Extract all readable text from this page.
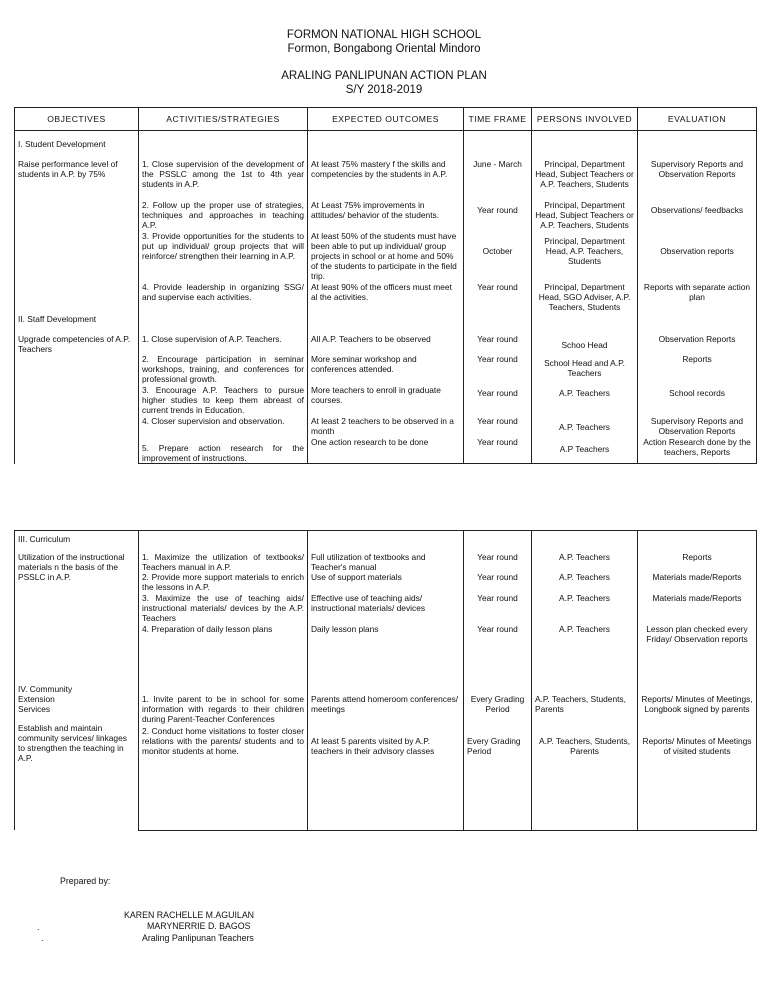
FORMON NATIONAL HIGH SCHOOL
Formon, Bongabong Oriental Mindoro
ARALING PANLIPUNAN ACTION PLAN
S/Y 2018-2019
OBJECTIVES	ACTIVITIES/STRATEGIES	EXPECTED OUTCOMES	TIME FRAME	PERSONS INVOLVED	EVALUATION
I. Student Development					
Raise performance level of students in A.P. by 75%	1. Close supervision of the development of the PSSLC among the 1st to 4th year students in A.P.	At least 75% mastery f the skills and competencies by the students in A.P.	June - March	Principal, Department Head, Subject Teachers or A.P. Teachers, Students	Supervisory Reports and Observation Reports
	2. Follow up the proper use of strategies, techniques and approaches in teaching A.P.	At Least 75% improvements in attitudes/ behavior of the students.	Year round	Principal, Department Head, Subject Teachers or A.P. Teachers, Students	Observations/ feedbacks
	3. Provide opportunities for the students to put up individual/ group projects that will reinforce/ strengthen their learning in A.P.	At least 50% of the students must have been able to put up individual/ group projects in school or at home and 50% of the students to participate in the field trip.	October	Principal, Department Head, A.P. Teachers, Students	Observation reports
	4. Provide leadership in organizing SSG/ and supervise each activities.	At least 90% of the officers must meet al the activities.	Year round	Principal, Department Head, SGO Adviser, A.P. Teachers, Students	Reports with separate action plan
II. Staff Development					
Upgrade competencies of A.P. Teachers	1. Close supervision of A.P. Teachers.	All A.P. Teachers to be observed	Year round	Schoo Head	Observation Reports
	2. Encourage participation in seminar workshops, training, and conferences for professional growth.	More seminar workshop and conferences attended.	Year round	School Head and A.P. Teachers	Reports
	3. Encourage A.P. Teachers to pursue higher studies to keep them abreast of current trends in Education.	More teachers to enroll in graduate courses.	Year round	A.P. Teachers	School records
	4. Closer supervision and observation.	At least 2 teachers to be observed in a month	Year round	A.P. Teachers	Supervisory Reports and Observation Reports
	5. Prepare action research for the improvement of instructions.	One action research to be done	Year round	A.P Teachers	Action Research done by the teachers, Reports
III. Curriculum					
Utilization of the instructional materials n the basis of the PSSLC in A.P.	1. Maximize the utilization of textbooks/ Teachers manual in A.P.	Full utilization of textbooks and Teacher's manual	Year round	A.P. Teachers	Reports
	2. Provide more support materials to enrich the lessons in A.P.	Use of support materials	Year round	A.P. Teachers	Materials made/Reports
	3. Maximize the use of teaching aids/ instructional materials/ devices by the A.P. Teachers	Effective use of teaching aids/ instructional materials/ devices	Year round	A.P. Teachers	Materials made/Reports
	4. Preparation of daily lesson plans	Daily lesson plans	Year round	A.P. Teachers	Lesson plan checked every Friday/ Observation reports

IV. Community Extension Services
Establish and maintain community services/ linkages to strengthen the teaching in A.P.	1. Invite parent to be in school for some information with regards to their children during Parent-Teacher Conferences	Parents attend homeroom conferences/ meetings	Every Grading Period	A.P. Teachers, Students, Parents	Reports/ Minutes of Meetings, Longbook signed by parents
	2. Conduct home visitations to foster closer relations with the parents/ students and to monitor students at home.	At least 5 parents visited by A.P. teachers in their advisory classes	Every Grading Period	A.P. Teachers, Students, Parents	Reports/ Minutes of Meetings of visited students
Prepared by:
KAREN RACHELLE M.AGUILAN
MARYNERRIE D. BAGOS
Araling Panlipunan Teachers
.
.
